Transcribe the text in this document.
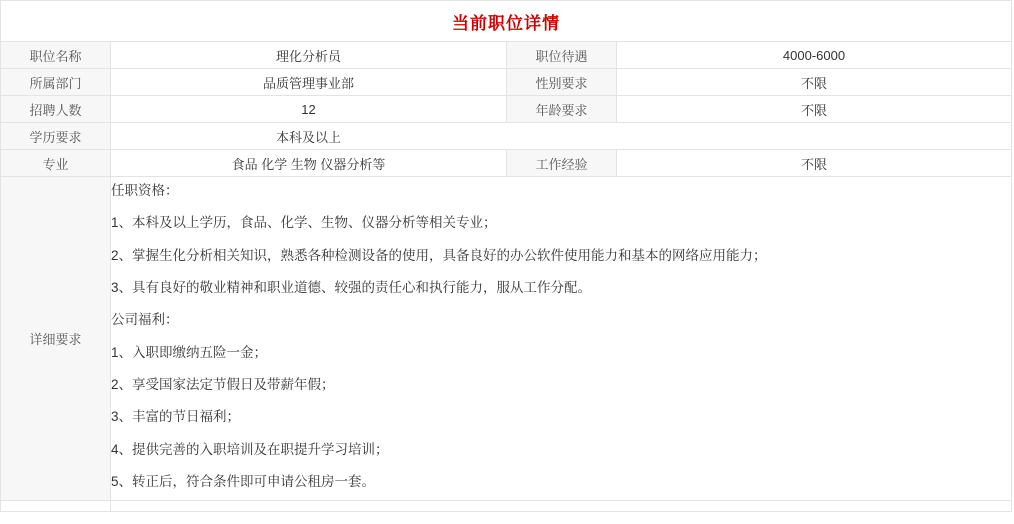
当前职位详情			
职位名称	理化分析员	职位待遇	4000-6000
所属部门	品质管理事业部	性别要求	不限
招聘人数	12	年龄要求	不限
学历要求	本科及以上		
专业	食品 化学 生物 仪器分析等	工作经验	不限
详细要求	

任职资格：

1、本科及以上学历，食品、化学、生物、仪器分析等相关专业；

2、掌握生化分析相关知识，熟悉各种检测设备的使用，具备良好的办公软件使用能力和基本的网络应用能力；

3、具有良好的敬业精神和职业道德、较强的责任心和执行能力，服从工作分配。

公司福利：

1、入职即缴纳五险一金；

2、享受国家法定节假日及带薪年假；

3、丰富的节日福利；

4、提供完善的入职培训及在职提升学习培训；

5、转正后，符合条件即可申请公租房一套。
